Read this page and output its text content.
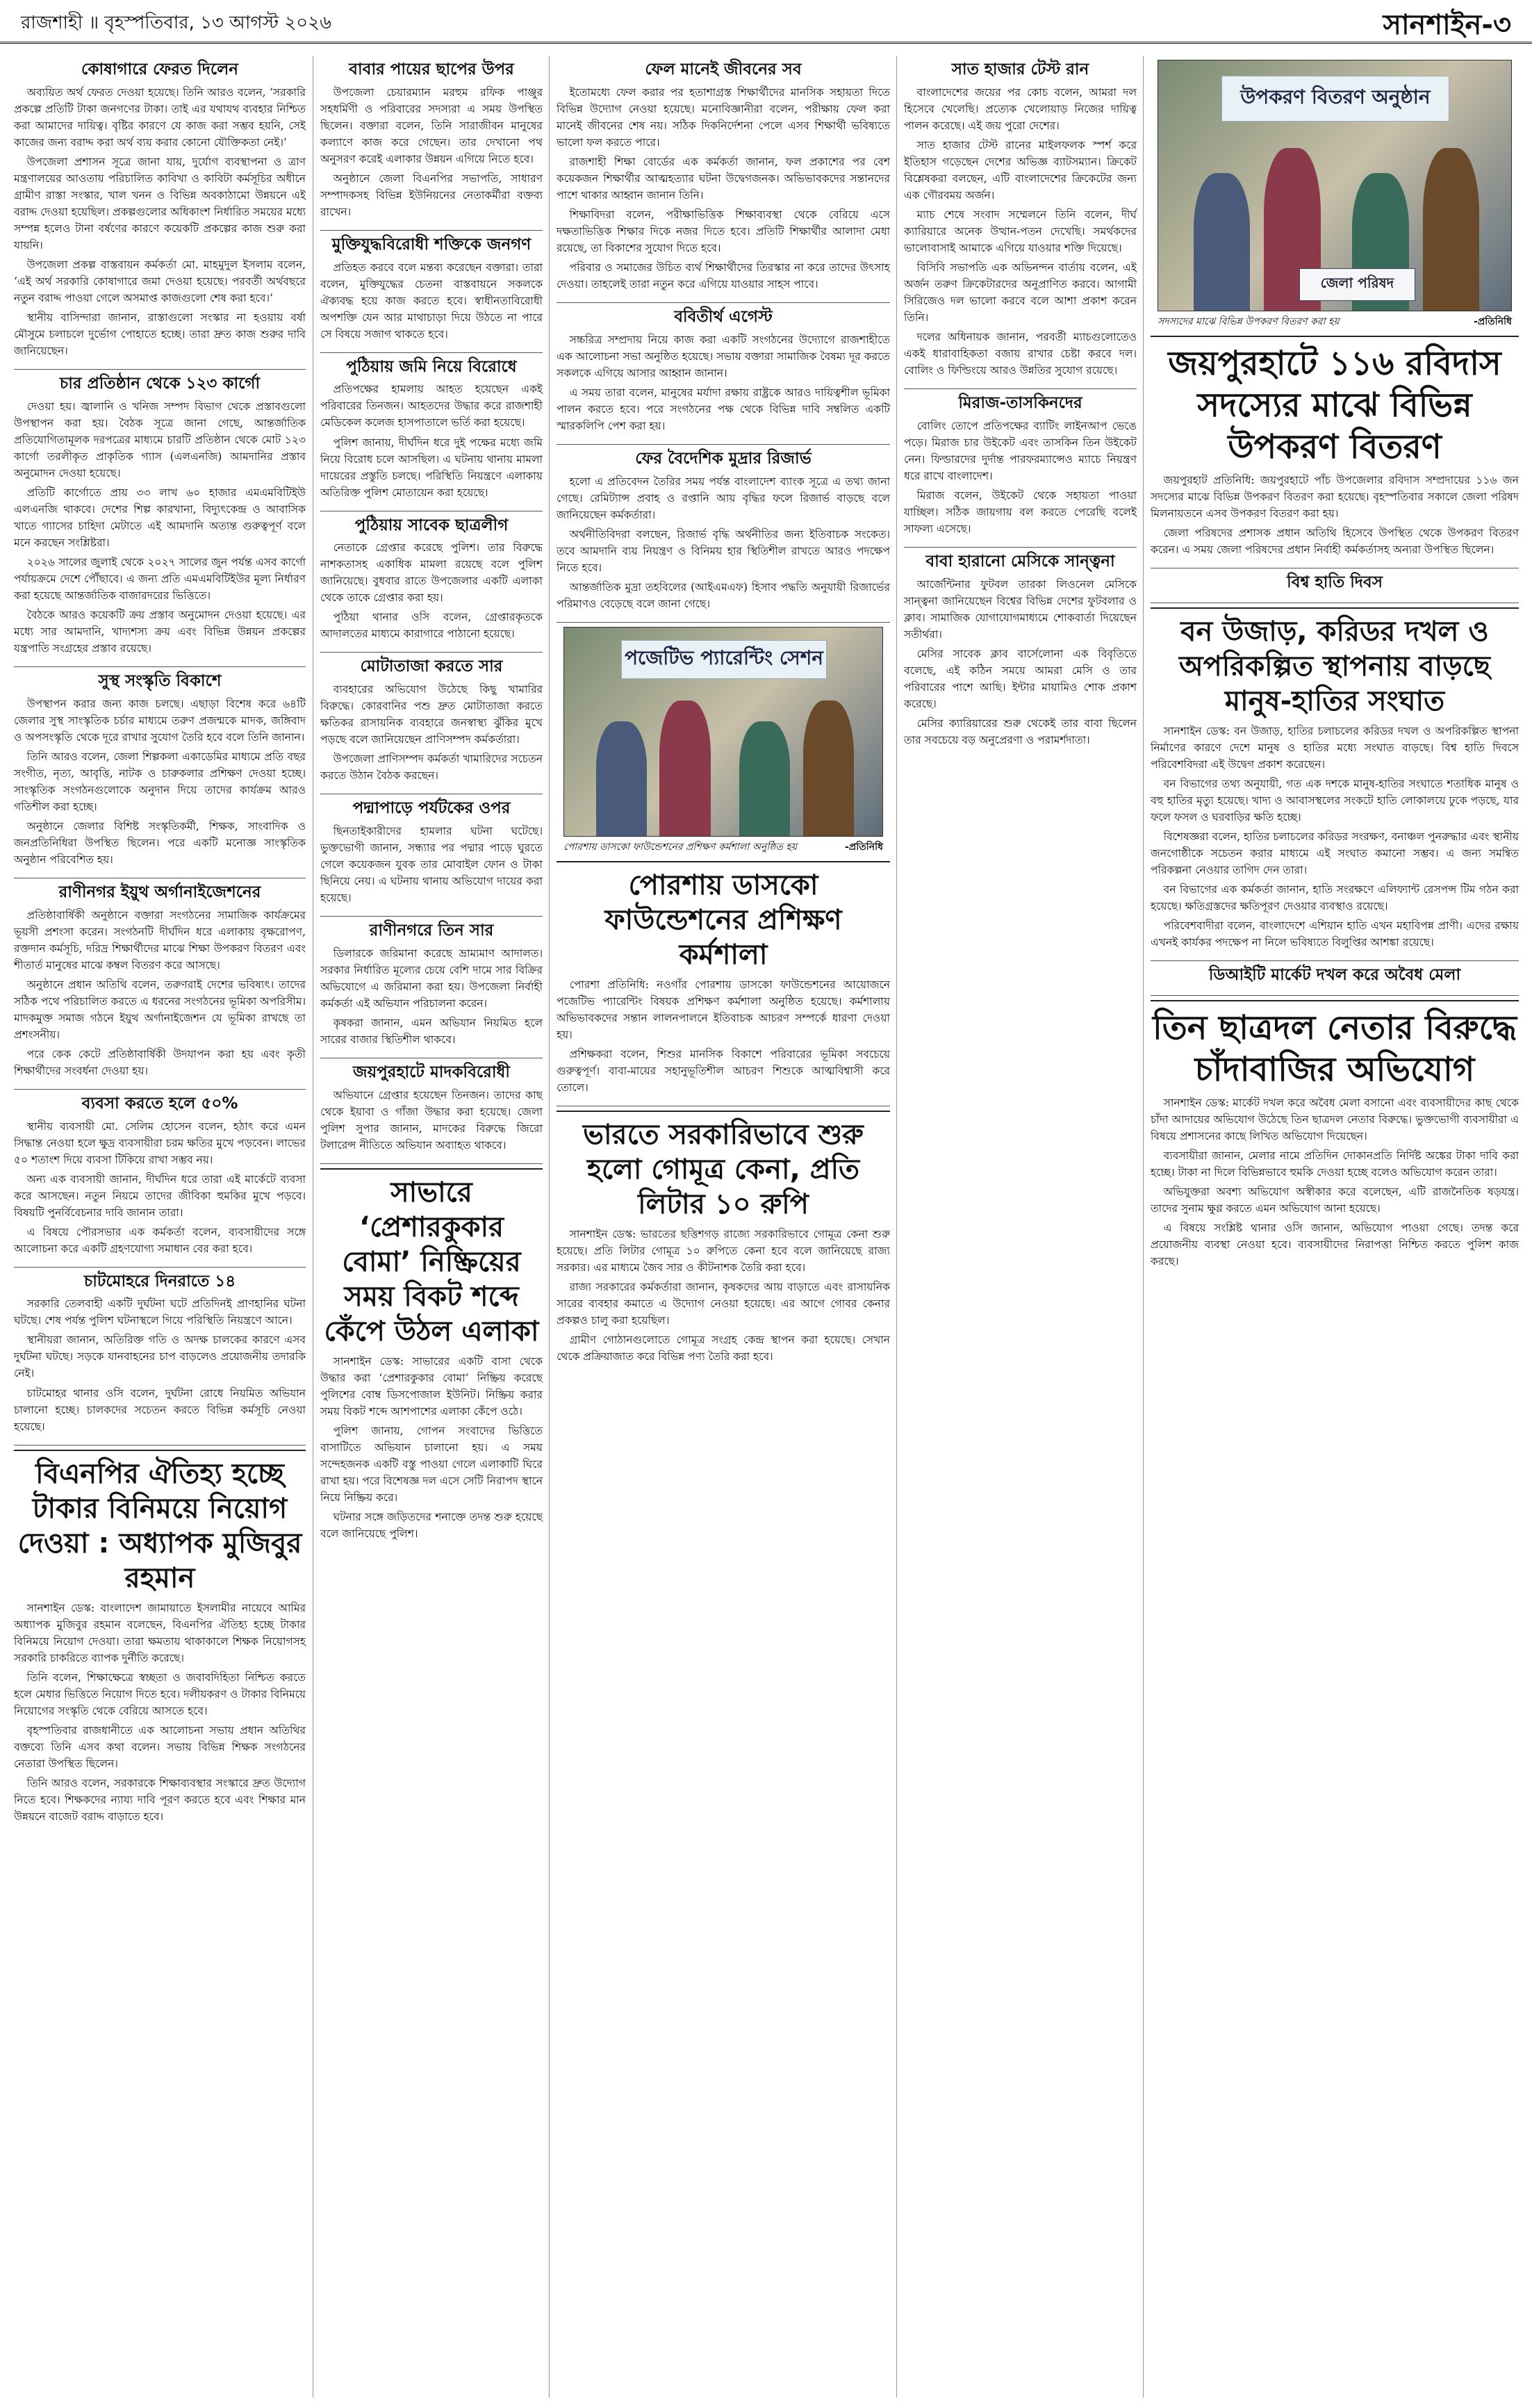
রাজশাহী ॥ বৃহস্পতিবার, ১৩ আগস্ট ২০২৬	সানশাইন-৩
কোষাগারে ফেরত দিলেন

অব্যয়িত অর্থ ফেরত দেওয়া হয়েছে। তিনি আরও বলেন, ‘সরকারি প্রকল্পে প্রতিটি টাকা জনগণের টাকা। তাই এর যথাযথ ব্যবহার নিশ্চিত করা আমাদের দায়িত্ব। বৃষ্টির কারণে যে কাজ করা সম্ভব হয়নি, সেই কাজের জন্য বরাদ্দ করা অর্থ ব্যয় করার কোনো যৌক্তিকতা নেই।’

উপজেলা প্রশাসন সূত্রে জানা যায়, দুর্যোগ ব্যবস্থাপনা ও ত্রাণ মন্ত্রণালয়ের আওতায় পরিচালিত কাবিখা ও কাবিটা কর্মসূচির অধীনে গ্রামীণ রাস্তা সংস্কার, খাল খনন ও বিভিন্ন অবকাঠামো উন্নয়নে এই বরাদ্দ দেওয়া হয়েছিল। প্রকল্পগুলোর অধিকাংশ নির্ধারিত সময়ের মধ্যে সম্পন্ন হলেও টানা বর্ষণের কারণে কয়েকটি প্রকল্পের কাজ শুরু করা যায়নি।

উপজেলা প্রকল্প বাস্তবায়ন কর্মকর্তা মো. মাহমুদুল ইসলাম বলেন, ‘এই অর্থ সরকারি কোষাগারে জমা দেওয়া হয়েছে। পরবর্তী অর্থবছরে নতুন বরাদ্দ পাওয়া গেলে অসমাপ্ত কাজগুলো শেষ করা হবে।’

স্থানীয় বাসিন্দারা জানান, রাস্তাগুলো সংস্কার না হওয়ায় বর্ষা মৌসুমে চলাচলে দুর্ভোগ পোহাতে হচ্ছে। তারা দ্রুত কাজ শুরুর দাবি জানিয়েছেন।

চার প্রতিষ্ঠান থেকে ১২৩ কার্গো

দেওয়া হয়। জ্বালানি ও খনিজ সম্পদ বিভাগ থেকে প্রস্তাবগুলো উপস্থাপন করা হয়। বৈঠক সূত্রে জানা গেছে, আন্তর্জাতিক প্রতিযোগিতামূলক দরপত্রের মাধ্যমে চারটি প্রতিষ্ঠান থেকে মোট ১২৩ কার্গো তরলীকৃত প্রাকৃতিক গ্যাস (এলএনজি) আমদানির প্রস্তাব অনুমোদন দেওয়া হয়েছে।

প্রতিটি কার্গোতে প্রায় ৩৩ লাখ ৬০ হাজার এমএমবিটিইউ এলএনজি থাকবে। দেশের শিল্প কারখানা, বিদ্যুৎকেন্দ্র ও আবাসিক খাতে গ্যাসের চাহিদা মেটাতে এই আমদানি অত্যন্ত গুরুত্বপূর্ণ বলে মনে করছেন সংশ্লিষ্টরা।

২০২৬ সালের জুলাই থেকে ২০২৭ সালের জুন পর্যন্ত এসব কার্গো পর্যায়ক্রমে দেশে পৌঁছাবে। এ জন্য প্রতি এমএমবিটিইউর মূল্য নির্ধারণ করা হয়েছে আন্তর্জাতিক বাজারদরের ভিত্তিতে।

বৈঠকে আরও কয়েকটি ক্রয় প্রস্তাব অনুমোদন দেওয়া হয়েছে। এর মধ্যে সার আমদানি, খাদ্যশস্য ক্রয় এবং বিভিন্ন উন্নয়ন প্রকল্পের যন্ত্রপাতি সংগ্রহের প্রস্তাব রয়েছে।

সুস্থ সংস্কৃতি বিকাশে

উপস্থাপন করার জন্য কাজ চলছে। এছাড়া বিশেষ করে ৬৪টি জেলার সুস্থ সাংস্কৃতিক চর্চার মাধ্যমে তরুণ প্রজন্মকে মাদক, জঙ্গিবাদ ও অপসংস্কৃতি থেকে দূরে রাখার সুযোগ তৈরি হবে বলে তিনি জানান।

তিনি আরও বলেন, জেলা শিল্পকলা একাডেমির মাধ্যমে প্রতি বছর সংগীত, নৃত্য, আবৃত্তি, নাটক ও চারুকলার প্রশিক্ষণ দেওয়া হচ্ছে। সাংস্কৃতিক সংগঠনগুলোকে অনুদান দিয়ে তাদের কার্যক্রম আরও গতিশীল করা হচ্ছে।

অনুষ্ঠানে জেলার বিশিষ্ট সংস্কৃতিকর্মী, শিক্ষক, সাংবাদিক ও জনপ্রতিনিধিরা উপস্থিত ছিলেন। পরে একটি মনোজ্ঞ সাংস্কৃতিক অনুষ্ঠান পরিবেশিত হয়।

রাণীনগর ইয়ুথ অর্গানাইজেশনের

প্রতিষ্ঠাবার্ষিকী অনুষ্ঠানে বক্তারা সংগঠনের সামাজিক কার্যক্রমের ভূয়সী প্রশংসা করেন। সংগঠনটি দীর্ঘদিন ধরে এলাকায় বৃক্ষরোপণ, রক্তদান কর্মসূচি, দরিদ্র শিক্ষার্থীদের মাঝে শিক্ষা উপকরণ বিতরণ এবং শীতার্ত মানুষের মাঝে কম্বল বিতরণ করে আসছে।

অনুষ্ঠানে প্রধান অতিথি বলেন, তরুণরাই দেশের ভবিষ্যৎ। তাদের সঠিক পথে পরিচালিত করতে এ ধরনের সংগঠনের ভূমিকা অপরিসীম। মাদকমুক্ত সমাজ গঠনে ইয়ুথ অর্গানাইজেশন যে ভূমিকা রাখছে তা প্রশংসনীয়।

পরে কেক কেটে প্রতিষ্ঠাবার্ষিকী উদযাপন করা হয় এবং কৃতী শিক্ষার্থীদের সংবর্ধনা দেওয়া হয়।

ব্যবসা করতে হলে ৫০%

স্থানীয় ব্যবসায়ী মো. সেলিম হোসেন বলেন, হঠাৎ করে এমন সিদ্ধান্ত নেওয়া হলে ক্ষুদ্র ব্যবসায়ীরা চরম ক্ষতির মুখে পড়বেন। লাভের ৫০ শতাংশ দিয়ে ব্যবসা টিকিয়ে রাখা সম্ভব নয়।

অন্য এক ব্যবসায়ী জানান, দীর্ঘদিন ধরে তারা এই মার্কেটে ব্যবসা করে আসছেন। নতুন নিয়মে তাদের জীবিকা হুমকির মুখে পড়বে। বিষয়টি পুনর্বিবেচনার দাবি জানান তারা।

এ বিষয়ে পৌরসভার এক কর্মকর্তা বলেন, ব্যবসায়ীদের সঙ্গে আলোচনা করে একটি গ্রহণযোগ্য সমাধান বের করা হবে।

চাটমোহরে দিনরাতে ১৪

সরকারি তেলবাহী একটি দুর্ঘটনা ঘটে প্রতিদিনই প্রাণহানির ঘটনা ঘটছে। শেষ পর্যন্ত পুলিশ ঘটনাস্থলে গিয়ে পরিস্থিতি নিয়ন্ত্রণে আনে।

স্থানীয়রা জানান, অতিরিক্ত গতি ও অদক্ষ চালকের কারণে এসব দুর্ঘটনা ঘটছে। সড়কে যানবাহনের চাপ বাড়লেও প্রয়োজনীয় তদারকি নেই।

চাটমোহর থানার ওসি বলেন, দুর্ঘটনা রোধে নিয়মিত অভিযান চালানো হচ্ছে। চালকদের সচেতন করতে বিভিন্ন কর্মসূচি নেওয়া হয়েছে।

বিএনপির ঐতিহ্য হচ্ছে টাকার বিনিময়ে নিয়োগ দেওয়া : অধ্যাপক মুজিবুর রহমান

সানশাইন ডেস্ক: বাংলাদেশ জামায়াতে ইসলামীর নায়েবে আমির অধ্যাপক মুজিবুর রহমান বলেছেন, বিএনপির ঐতিহ্য হচ্ছে টাকার বিনিময়ে নিয়োগ দেওয়া। তারা ক্ষমতায় থাকাকালে শিক্ষক নিয়োগসহ সরকারি চাকরিতে ব্যাপক দুর্নীতি করেছে।

তিনি বলেন, শিক্ষাক্ষেত্রে স্বচ্ছতা ও জবাবদিহিতা নিশ্চিত করতে হলে মেধার ভিত্তিতে নিয়োগ দিতে হবে। দলীয়করণ ও টাকার বিনিময়ে নিয়োগের সংস্কৃতি থেকে বেরিয়ে আসতে হবে।

বৃহস্পতিবার রাজধানীতে এক আলোচনা সভায় প্রধান অতিথির বক্তব্যে তিনি এসব কথা বলেন। সভায় বিভিন্ন শিক্ষক সংগঠনের নেতারা উপস্থিত ছিলেন।

তিনি আরও বলেন, সরকারকে শিক্ষাব্যবস্থার সংস্কারে দ্রুত উদ্যোগ নিতে হবে। শিক্ষকদের ন্যায্য দাবি পূরণ করতে হবে এবং শিক্ষার মান উন্নয়নে বাজেট বরাদ্দ বাড়াতে হবে।

বাবার পায়ের ছাপের উপর

উপজেলা চেয়ারম্যান মরহুম রফিক পাঞ্জুর সহধর্মিণী ও পরিবারের সদস্যরা এ সময় উপস্থিত ছিলেন। বক্তারা বলেন, তিনি সারাজীবন মানুষের কল্যাণে কাজ করে গেছেন। তার দেখানো পথ অনুসরণ করেই এলাকার উন্নয়ন এগিয়ে নিতে হবে।

অনুষ্ঠানে জেলা বিএনপির সভাপতি, সাধারণ সম্পাদকসহ বিভিন্ন ইউনিয়নের নেতাকর্মীরা বক্তব্য রাখেন।

মুক্তিযুদ্ধবিরোধী শক্তিকে জনগণ

প্রতিহত করবে বলে মন্তব্য করেছেন বক্তারা। তারা বলেন, মুক্তিযুদ্ধের চেতনা বাস্তবায়নে সকলকে ঐক্যবদ্ধ হয়ে কাজ করতে হবে। স্বাধীনতাবিরোধী অপশক্তি যেন আর মাথাচাড়া দিয়ে উঠতে না পারে সে বিষয়ে সজাগ থাকতে হবে।

পুঠিয়ায় জমি নিয়ে বিরোধে

প্রতিপক্ষের হামলায় আহত হয়েছেন একই পরিবারের তিনজন। আহতদের উদ্ধার করে রাজশাহী মেডিকেল কলেজ হাসপাতালে ভর্তি করা হয়েছে।

পুলিশ জানায়, দীর্ঘদিন ধরে দুই পক্ষের মধ্যে জমি নিয়ে বিরোধ চলে আসছিল। এ ঘটনায় থানায় মামলা দায়েরের প্রস্তুতি চলছে। পরিস্থিতি নিয়ন্ত্রণে এলাকায় অতিরিক্ত পুলিশ মোতায়েন করা হয়েছে।

পুঠিয়ায় সাবেক ছাত্রলীগ

নেতাকে গ্রেপ্তার করেছে পুলিশ। তার বিরুদ্ধে নাশকতাসহ একাধিক মামলা রয়েছে বলে পুলিশ জানিয়েছে। বুধবার রাতে উপজেলার একটি এলাকা থেকে তাকে গ্রেপ্তার করা হয়।

পুঠিয়া থানার ওসি বলেন, গ্রেপ্তারকৃতকে আদালতের মাধ্যমে কারাগারে পাঠানো হয়েছে।

মোটাতাজা করতে সার

ব্যবহারের অভিযোগ উঠেছে কিছু খামারির বিরুদ্ধে। কোরবানির পশু দ্রুত মোটাতাজা করতে ক্ষতিকর রাসায়নিক ব্যবহারে জনস্বাস্থ্য ঝুঁকির মুখে পড়ছে বলে জানিয়েছেন প্রাণিসম্পদ কর্মকর্তারা।

উপজেলা প্রাণিসম্পদ কর্মকর্তা খামারিদের সচেতন করতে উঠান বৈঠক করছেন।

পদ্মাপাড়ে পর্যটকের ওপর

ছিনতাইকারীদের হামলার ঘটনা ঘটেছে। ভুক্তভোগী জানান, সন্ধ্যার পর পদ্মার পাড়ে ঘুরতে গেলে কয়েকজন যুবক তার মোবাইল ফোন ও টাকা ছিনিয়ে নেয়। এ ঘটনায় থানায় অভিযোগ দায়ের করা হয়েছে।

রাণীনগরে তিন সার

ডিলারকে জরিমানা করেছে ভ্রাম্যমাণ আদালত। সরকার নির্ধারিত মূল্যের চেয়ে বেশি দামে সার বিক্রির অভিযোগে এ জরিমানা করা হয়। উপজেলা নির্বাহী কর্মকর্তা এই অভিযান পরিচালনা করেন।

কৃষকরা জানান, এমন অভিযান নিয়মিত হলে সারের বাজার স্থিতিশীল থাকবে।

জয়পুরহাটে মাদকবিরোধী

অভিযানে গ্রেপ্তার হয়েছেন তিনজন। তাদের কাছ থেকে ইয়াবা ও গাঁজা উদ্ধার করা হয়েছে। জেলা পুলিশ সুপার জানান, মাদকের বিরুদ্ধে জিরো টলারেন্স নীতিতে অভিযান অব্যাহত থাকবে।

সাভারে ‘প্রেশারকুকার বোমা’ নিষ্ক্রিয়ের সময় বিকট শব্দে কেঁপে উঠল এলাকা

সানশাইন ডেস্ক: সাভারের একটি বাসা থেকে উদ্ধার করা ‘প্রেশারকুকার বোমা’ নিষ্ক্রিয় করেছে পুলিশের বোম্ব ডিসপোজাল ইউনিট। নিষ্ক্রিয় করার সময় বিকট শব্দে আশপাশের এলাকা কেঁপে ওঠে।

পুলিশ জানায়, গোপন সংবাদের ভিত্তিতে বাসাটিতে অভিযান চালানো হয়। এ সময় সন্দেহজনক একটি বস্তু পাওয়া গেলে এলাকাটি ঘিরে রাখা হয়। পরে বিশেষজ্ঞ দল এসে সেটি নিরাপদ স্থানে নিয়ে নিষ্ক্রিয় করে।

ঘটনার সঙ্গে জড়িতদের শনাক্তে তদন্ত শুরু হয়েছে বলে জানিয়েছে পুলিশ।

ফেল মানেই জীবনের সব

ইতোমধ্যে ফেল করার পর হতাশাগ্রস্ত শিক্ষার্থীদের মানসিক সহায়তা দিতে বিভিন্ন উদ্যোগ নেওয়া হয়েছে। মনোবিজ্ঞানীরা বলেন, পরীক্ষায় ফেল করা মানেই জীবনের শেষ নয়। সঠিক দিকনির্দেশনা পেলে এসব শিক্ষার্থী ভবিষ্যতে ভালো ফল করতে পারে।

রাজশাহী শিক্ষা বোর্ডের এক কর্মকর্তা জানান, ফল প্রকাশের পর বেশ কয়েকজন শিক্ষার্থীর আত্মহত্যার ঘটনা উদ্বেগজনক। অভিভাবকদের সন্তানদের পাশে থাকার আহ্বান জানান তিনি।

শিক্ষাবিদরা বলেন, পরীক্ষাভিত্তিক শিক্ষাব্যবস্থা থেকে বেরিয়ে এসে দক্ষতাভিত্তিক শিক্ষার দিকে নজর দিতে হবে। প্রতিটি শিক্ষার্থীর আলাদা মেধা রয়েছে, তা বিকাশের সুযোগ দিতে হবে।

পরিবার ও সমাজের উচিত ব্যর্থ শিক্ষার্থীদের তিরস্কার না করে তাদের উৎসাহ দেওয়া। তাহলেই তারা নতুন করে এগিয়ে যাওয়ার সাহস পাবে।

ববিতীর্থ এগেস্ট

সচ্চরিত্র সম্প্রদায় নিয়ে কাজ করা একটি সংগঠনের উদ্যোগে রাজশাহীতে এক আলোচনা সভা অনুষ্ঠিত হয়েছে। সভায় বক্তারা সামাজিক বৈষম্য দূর করতে সকলকে এগিয়ে আসার আহ্বান জানান।

এ সময় তারা বলেন, মানুষের মর্যাদা রক্ষায় রাষ্ট্রকে আরও দায়িত্বশীল ভূমিকা পালন করতে হবে। পরে সংগঠনের পক্ষ থেকে বিভিন্ন দাবি সম্বলিত একটি স্মারকলিপি পেশ করা হয়।

ফের বৈদেশিক মুদ্রার রিজার্ভ

হলো এ প্রতিবেদন তৈরির সময় পর্যন্ত বাংলাদেশ ব্যাংক সূত্রে এ তথ্য জানা গেছে। রেমিট্যান্স প্রবাহ ও রপ্তানি আয় বৃদ্ধির ফলে রিজার্ভ বাড়ছে বলে জানিয়েছেন কর্মকর্তারা।

অর্থনীতিবিদরা বলছেন, রিজার্ভ বৃদ্ধি অর্থনীতির জন্য ইতিবাচক সংকেত। তবে আমদানি ব্যয় নিয়ন্ত্রণ ও বিনিময় হার স্থিতিশীল রাখতে আরও পদক্ষেপ নিতে হবে।

আন্তর্জাতিক মুদ্রা তহবিলের (আইএমএফ) হিসাব পদ্ধতি অনুযায়ী রিজার্ভের পরিমাণও বেড়েছে বলে জানা গেছে।

পজেটিভ প্যারেন্টিং সেশন
পোরশায় ডাসকো ফাউন্ডেশনের প্রশিক্ষণ কর্মশালা অনুষ্ঠিত হয়	-প্রতিনিধি
পোরশায় ডাসকো ফাউন্ডেশনের প্রশিক্ষণ কর্মশালা

পোরশা প্রতিনিধি: নওগাঁর পোরশায় ডাসকো ফাউন্ডেশনের আয়োজনে পজেটিভ প্যারেন্টিং বিষয়ক প্রশিক্ষণ কর্মশালা অনুষ্ঠিত হয়েছে। কর্মশালায় অভিভাবকদের সন্তান লালনপালনে ইতিবাচক আচরণ সম্পর্কে ধারণা দেওয়া হয়।

প্রশিক্ষকরা বলেন, শিশুর মানসিক বিকাশে পরিবারের ভূমিকা সবচেয়ে গুরুত্বপূর্ণ। বাবা-মায়ের সহানুভূতিশীল আচরণ শিশুকে আত্মবিশ্বাসী করে তোলে।

ভারতে সরকারিভাবে শুরু হলো গোমূত্র কেনা, প্রতি লিটার ১০ রুপি

সানশাইন ডেস্ক: ভারতের ছত্তিশগড় রাজ্যে সরকারিভাবে গোমূত্র কেনা শুরু হয়েছে। প্রতি লিটার গোমূত্র ১০ রুপিতে কেনা হবে বলে জানিয়েছে রাজ্য সরকার। এর মাধ্যমে জৈব সার ও কীটনাশক তৈরি করা হবে।

রাজ্য সরকারের কর্মকর্তারা জানান, কৃষকদের আয় বাড়াতে এবং রাসায়নিক সারের ব্যবহার কমাতে এ উদ্যোগ নেওয়া হয়েছে। এর আগে গোবর কেনার প্রকল্পও চালু করা হয়েছিল।

গ্রামীণ গোঠানগুলোতে গোমূত্র সংগ্রহ কেন্দ্র স্থাপন করা হয়েছে। সেখান থেকে প্রক্রিয়াজাত করে বিভিন্ন পণ্য তৈরি করা হবে।

সাত হাজার টেস্ট রান

বাংলাদেশের জয়ের পর কোচ বলেন, আমরা দল হিসেবে খেলেছি। প্রত্যেক খেলোয়াড় নিজের দায়িত্ব পালন করেছে। এই জয় পুরো দেশের।

সাত হাজার টেস্ট রানের মাইলফলক স্পর্শ করে ইতিহাস গড়েছেন দেশের অভিজ্ঞ ব্যাটসম্যান। ক্রিকেট বিশ্লেষকরা বলছেন, এটি বাংলাদেশের ক্রিকেটের জন্য এক গৌরবময় অর্জন।

ম্যাচ শেষে সংবাদ সম্মেলনে তিনি বলেন, দীর্ঘ ক্যারিয়ারে অনেক উত্থান-পতন দেখেছি। সমর্থকদের ভালোবাসাই আমাকে এগিয়ে যাওয়ার শক্তি দিয়েছে।

বিসিবি সভাপতি এক অভিনন্দন বার্তায় বলেন, এই অর্জন তরুণ ক্রিকেটারদের অনুপ্রাণিত করবে। আগামী সিরিজেও দল ভালো করবে বলে আশা প্রকাশ করেন তিনি।

দলের অধিনায়ক জানান, পরবর্তী ম্যাচগুলোতেও একই ধারাবাহিকতা বজায় রাখার চেষ্টা করবে দল। বোলিং ও ফিল্ডিংয়ে আরও উন্নতির সুযোগ রয়েছে।

মিরাজ-তাসকিনদের

বোলিং তোপে প্রতিপক্ষের ব্যাটিং লাইনআপ ভেঙে পড়ে। মিরাজ চার উইকেট এবং তাসকিন তিন উইকেট নেন। ফিল্ডারদের দুর্দান্ত পারফরম্যান্সেও ম্যাচে নিয়ন্ত্রণ ধরে রাখে বাংলাদেশ।

মিরাজ বলেন, উইকেট থেকে সহায়তা পাওয়া যাচ্ছিল। সঠিক জায়গায় বল করতে পেরেছি বলেই সাফল্য এসেছে।

বাবা হারানো মেসিকে সান্ত্বনা

আর্জেন্টিনার ফুটবল তারকা লিওনেল মেসিকে সান্ত্বনা জানিয়েছেন বিশ্বের বিভিন্ন দেশের ফুটবলার ও ক্লাব। সামাজিক যোগাযোগমাধ্যমে শোকবার্তা দিয়েছেন সতীর্থরা।

মেসির সাবেক ক্লাব বার্সেলোনা এক বিবৃতিতে বলেছে, এই কঠিন সময়ে আমরা মেসি ও তার পরিবারের পাশে আছি। ইন্টার মায়ামিও শোক প্রকাশ করেছে।

মেসির ক্যারিয়ারের শুরু থেকেই তার বাবা ছিলেন তার সবচেয়ে বড় অনুপ্রেরণা ও পরামর্শদাতা।

উপকরণ বিতরণ অনুষ্ঠান
জেলা পরিষদ
সদস্যদের মাঝে বিভিন্ন উপকরণ বিতরণ করা হয়	-প্রতিনিধি
জয়পুরহাটে ১১৬ রবিদাস সদস্যের মাঝে বিভিন্ন উপকরণ বিতরণ

জয়পুরহাট প্রতিনিধি: জয়পুরহাটে পাঁচ উপজেলার রবিদাস সম্প্রদায়ের ১১৬ জন সদস্যের মাঝে বিভিন্ন উপকরণ বিতরণ করা হয়েছে। বৃহস্পতিবার সকালে জেলা পরিষদ মিলনায়তনে এসব উপকরণ বিতরণ করা হয়।

জেলা পরিষদের প্রশাসক প্রধান অতিথি হিসেবে উপস্থিত থেকে উপকরণ বিতরণ করেন। এ সময় জেলা পরিষদের প্রধান নির্বাহী কর্মকর্তাসহ অন্যরা উপস্থিত ছিলেন।

বিশ্ব হাতি দিবস
বন উজাড়, করিডর দখল ও অপরিকল্পিত স্থাপনায় বাড়ছে মানুষ-হাতির সংঘাত

সানশাইন ডেস্ক: বন উজাড়, হাতির চলাচলের করিডর দখল ও অপরিকল্পিত স্থাপনা নির্মাণের কারণে দেশে মানুষ ও হাতির মধ্যে সংঘাত বাড়ছে। বিশ্ব হাতি দিবসে পরিবেশবিদরা এই উদ্বেগ প্রকাশ করেছেন।

বন বিভাগের তথ্য অনুযায়ী, গত এক দশকে মানুষ-হাতির সংঘাতে শতাধিক মানুষ ও বহু হাতির মৃত্যু হয়েছে। খাদ্য ও আবাসস্থলের সংকটে হাতি লোকালয়ে ঢুকে পড়ছে, যার ফলে ফসল ও ঘরবাড়ির ক্ষতি হচ্ছে।

বিশেষজ্ঞরা বলেন, হাতির চলাচলের করিডর সংরক্ষণ, বনাঞ্চল পুনরুদ্ধার এবং স্থানীয় জনগোষ্ঠীকে সচেতন করার মাধ্যমে এই সংঘাত কমানো সম্ভব। এ জন্য সমন্বিত পরিকল্পনা নেওয়ার তাগিদ দেন তারা।

বন বিভাগের এক কর্মকর্তা জানান, হাতি সংরক্ষণে এলিফ্যান্ট রেসপন্স টিম গঠন করা হয়েছে। ক্ষতিগ্রস্তদের ক্ষতিপূরণ দেওয়ার ব্যবস্থাও রয়েছে।

পরিবেশবাদীরা বলেন, বাংলাদেশে এশিয়ান হাতি এখন মহাবিপন্ন প্রাণী। এদের রক্ষায় এখনই কার্যকর পদক্ষেপ না নিলে ভবিষ্যতে বিলুপ্তির আশঙ্কা রয়েছে।

ডিআইটি মার্কেট দখল করে অবৈধ মেলা
তিন ছাত্রদল নেতার বিরুদ্ধে চাঁদাবাজির অভিযোগ

সানশাইন ডেস্ক: মার্কেট দখল করে অবৈধ মেলা বসানো এবং ব্যবসায়ীদের কাছ থেকে চাঁদা আদায়ের অভিযোগ উঠেছে তিন ছাত্রদল নেতার বিরুদ্ধে। ভুক্তভোগী ব্যবসায়ীরা এ বিষয়ে প্রশাসনের কাছে লিখিত অভিযোগ দিয়েছেন।

ব্যবসায়ীরা জানান, মেলার নামে প্রতিদিন দোকানপ্রতি নির্দিষ্ট অঙ্কের টাকা দাবি করা হচ্ছে। টাকা না দিলে বিভিন্নভাবে হুমকি দেওয়া হচ্ছে বলেও অভিযোগ করেন তারা।

অভিযুক্তরা অবশ্য অভিযোগ অস্বীকার করে বলেছেন, এটি রাজনৈতিক ষড়যন্ত্র। তাদের সুনাম ক্ষুণ্ণ করতে এমন অভিযোগ আনা হয়েছে।

এ বিষয়ে সংশ্লিষ্ট থানার ওসি জানান, অভিযোগ পাওয়া গেছে। তদন্ত করে প্রয়োজনীয় ব্যবস্থা নেওয়া হবে। ব্যবসায়ীদের নিরাপত্তা নিশ্চিত করতে পুলিশ কাজ করছে।
